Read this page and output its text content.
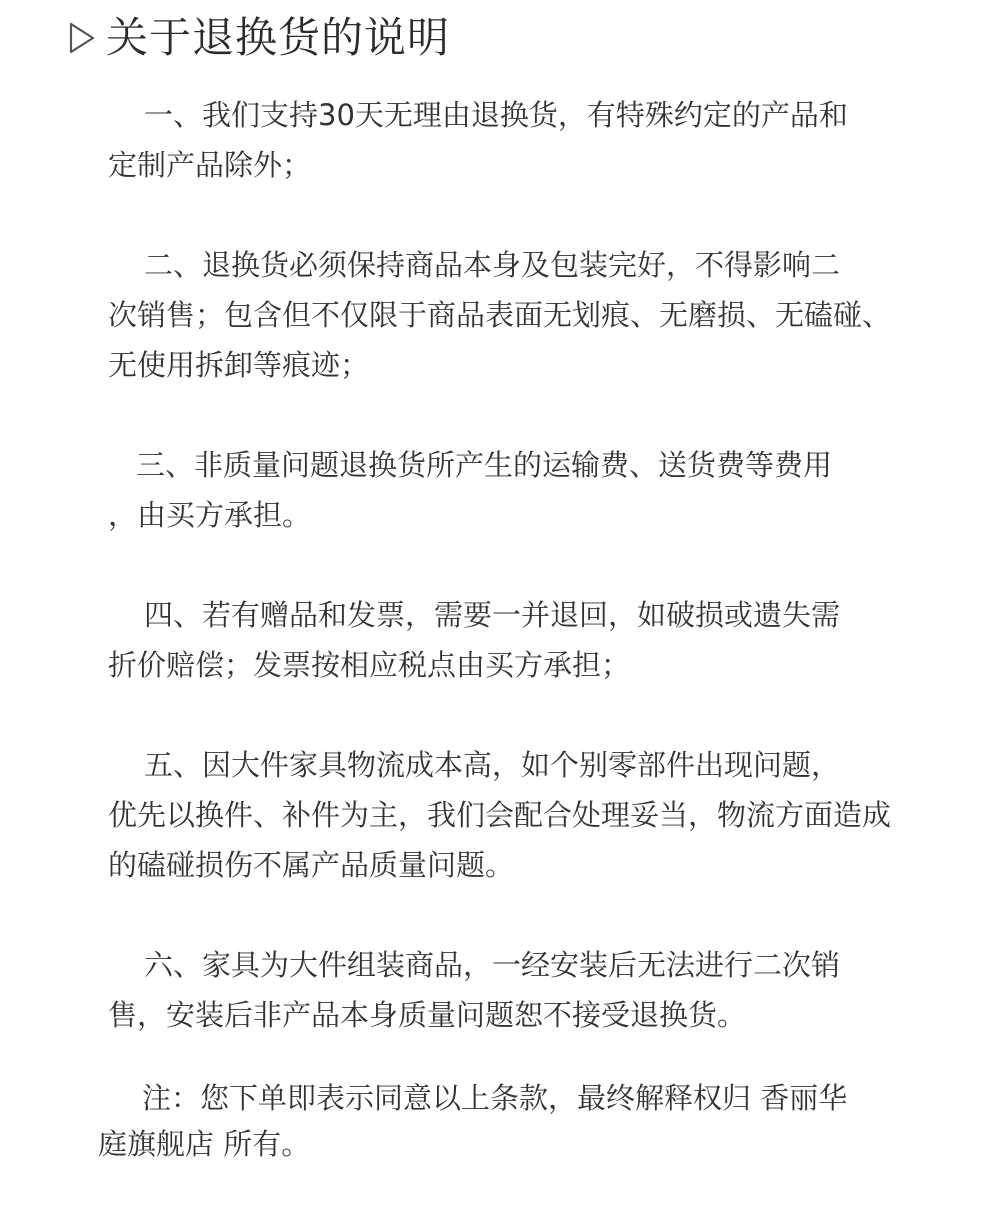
关于退换货的说明

一、我们支持30天无理由退换货，有特殊约定的产品和
定制产品除外；

二、退换货必须保持商品本身及包装完好，不得影响二
次销售；包含但不仅限于商品表面无划痕、无磨损、无磕碰、无使用拆卸等痕迹；

三、非质量问题退换货所产生的运输费、送货费等费用
，由买方承担。

四、若有赠品和发票，需要一并退回，如破损或遗失需
折价赔偿；发票按相应税点由买方承担；

五、因大件家具物流成本高，如个别零部件出现问题，
优先以换件、补件为主，我们会配合处理妥当，物流方面造成的磕碰损伤不属产品质量问题。

六、家具为大件组装商品，一经安装后无法进行二次销
售，安装后非产品本身质量问题恕不接受退换货。

注：您下单即表示同意以上条款，最终解释权归 香丽华
庭旗舰店 所有。
